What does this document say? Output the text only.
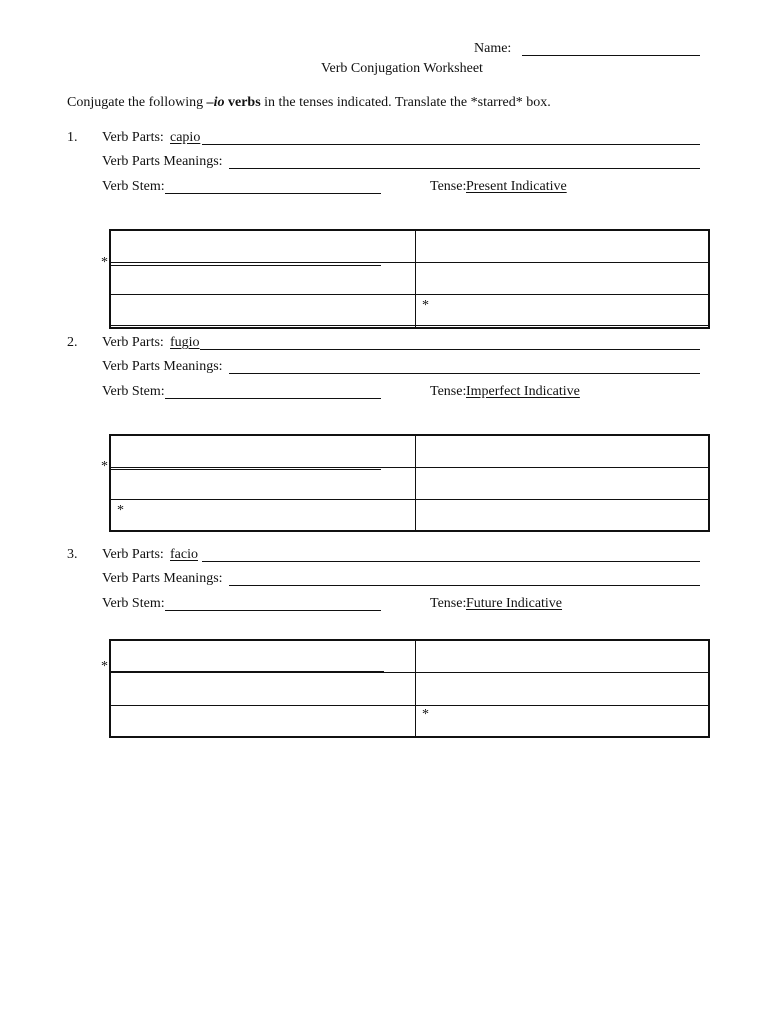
Name:
Verb Conjugation Worksheet
Conjugate the following –io verbs in the tenses indicated. Translate the *starred* box.
1. Verb Parts: capio
Verb Parts Meanings:
Verb Stem:	Tense: Present Indicative
*
*
2. Verb Parts: fugio
Verb Parts Meanings:
Verb Stem:	Tense: Imperfect Indicative
*
*
3. Verb Parts: facio
Verb Parts Meanings:
Verb Stem:	Tense: Future Indicative
*
*
